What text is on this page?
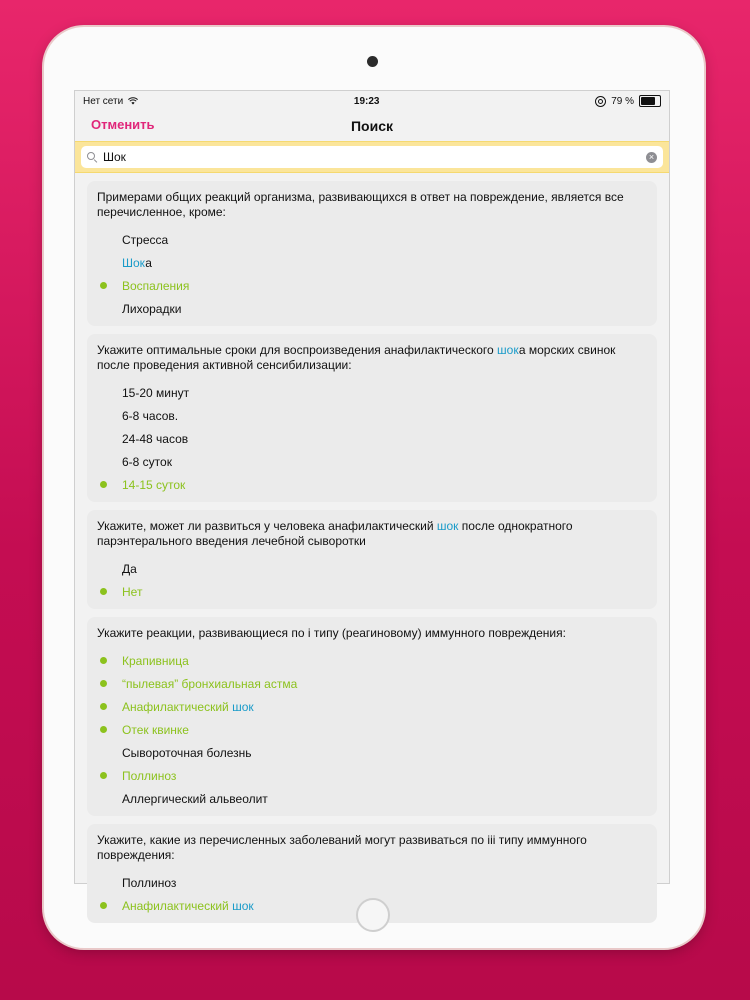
Нет сети	19:23	79 %
Отменить	Поиск
Шок
×
Примерами общих реакций организма, развивающихся в ответ на повреждение, является все перечисленное, кроме:
Стресса
Шока
Воспаления
Лихорадки
Укажите оптимальные сроки для воспроизведения анафилактического шока морских свинок после проведения активной сенсибилизации:
15-20 минут
6-8 часов.
24-48 часов
6-8 суток
14-15 суток
Укажите, может ли развиться у человека анафилактический шок после однократного парэнтерального введения лечебной сыворотки
Да
Нет
Укажите реакции, развивающиеся по i типу (реагиновому) иммунного повреждения:
Крапивница
“пылевая” бронхиальная астма
Анафилактический шок
Отек квинке
Сывороточная болезнь
Поллиноз
Аллергический альвеолит
Укажите, какие из перечисленных заболеваний могут развиваться по iii типу иммунного повреждения:
Поллиноз
Анафилактический шок
